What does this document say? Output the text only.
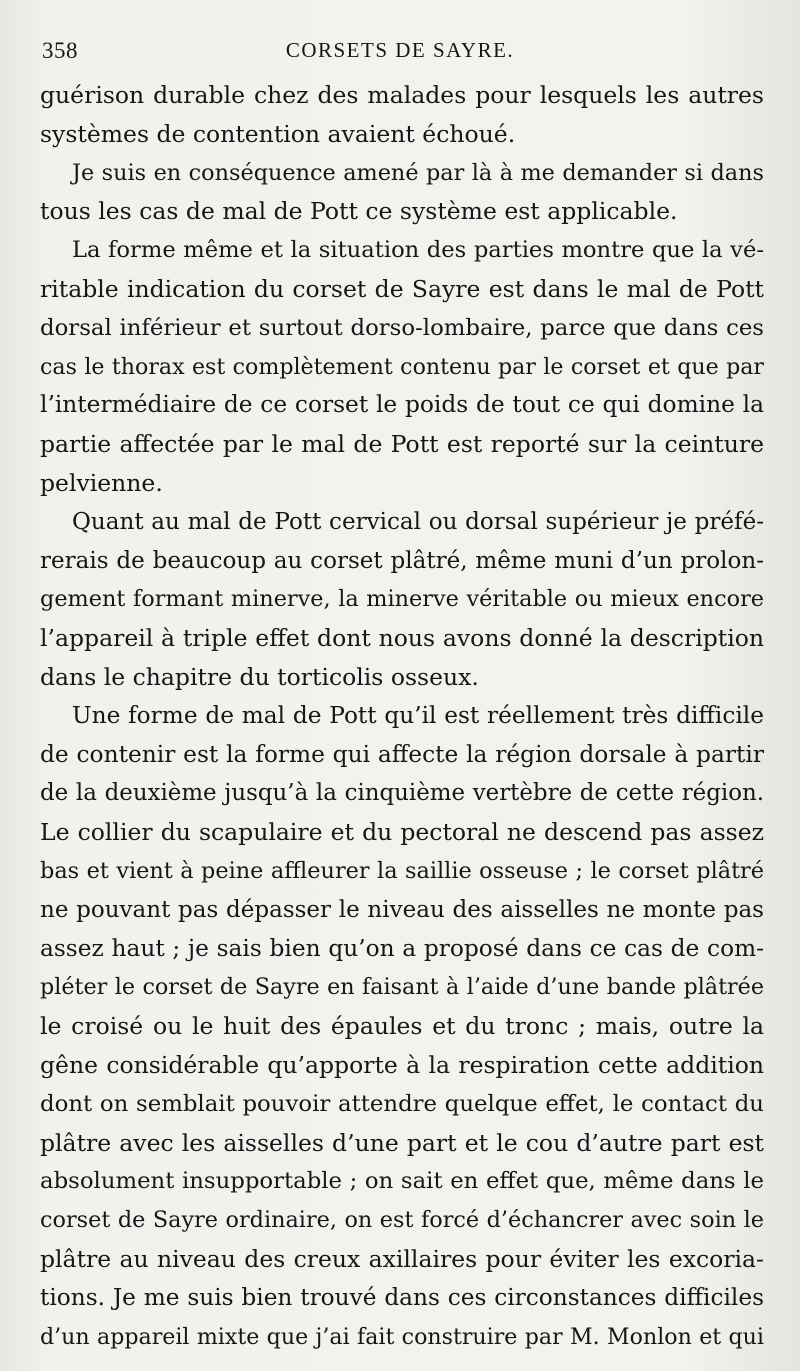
358	CORSETS DE SAYRE.
guérison durable chez des malades pour lesquels les autres
systèmes de contention avaient échoué.
Je suis en conséquence amené par là à me demander si dans
tous les cas de mal de Pott ce système est applicable.
La forme même et la situation des parties montre que la vé-
ritable indication du corset de Sayre est dans le mal de Pott
dorsal inférieur et surtout dorso-lombaire, parce que dans ces
cas le thorax est complètement contenu par le corset et que par
l’intermédiaire de ce corset le poids de tout ce qui domine la
partie affectée par le mal de Pott est reporté sur la ceinture
pelvienne.
Quant au mal de Pott cervical ou dorsal supérieur je préfé-
rerais de beaucoup au corset plâtré, même muni d’un prolon-
gement formant minerve, la minerve véritable ou mieux encore
l’appareil à triple effet dont nous avons donné la description
dans le chapitre du torticolis osseux.
Une forme de mal de Pott qu’il est réellement très difficile
de contenir est la forme qui affecte la région dorsale à partir
de la deuxième jusqu’à la cinquième vertèbre de cette région.
Le collier du scapulaire et du pectoral ne descend pas assez
bas et vient à peine affleurer la saillie osseuse ; le corset plâtré
ne pouvant pas dépasser le niveau des aisselles ne monte pas
assez haut ; je sais bien qu’on a proposé dans ce cas de com-
pléter le corset de Sayre en faisant à l’aide d’une bande plâtrée
le croisé ou le huit des épaules et du tronc ; mais, outre la
gêne considérable qu’apporte à la respiration cette addition
dont on semblait pouvoir attendre quelque effet, le contact du
plâtre avec les aisselles d’une part et le cou d’autre part est
absolument insupportable ; on sait en effet que, même dans le
corset de Sayre ordinaire, on est forcé d’échancrer avec soin le
plâtre au niveau des creux axillaires pour éviter les excoria-
tions. Je me suis bien trouvé dans ces circonstances difficiles
d’un appareil mixte que j’ai fait construire par M. Monlon et qui
